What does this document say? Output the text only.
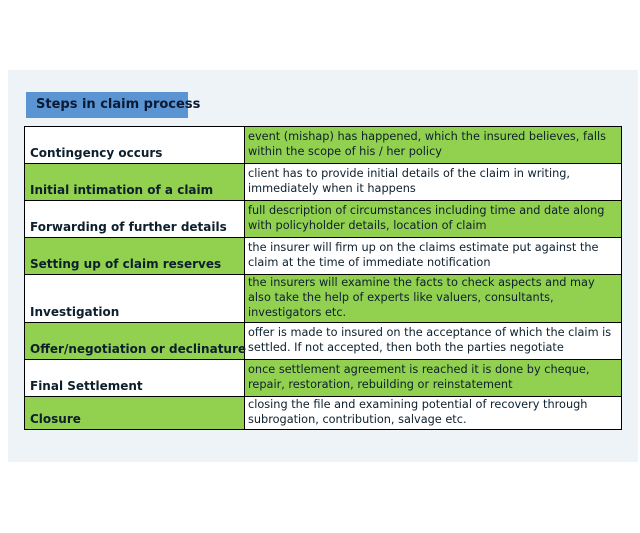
Steps in claim process
Contingency occurs	event (mishap) has happened, which the insured believes, falls within the scope of his / her policy
Initial intimation of a claim	client has to provide initial details of the claim in writing, immediately when it happens
Forwarding of further details	full description of circumstances including time and date along with policyholder details, location of claim
Setting up of claim reserves	the insurer will firm up on the claims estimate put against the claim at the time of immediate notification
Investigation	the insurers will examine the facts to check aspects and may also take the help of experts like valuers, consultants, investigators etc.
Offer/negotiation or declinature	offer is made to insured on the acceptance of which the claim is settled. If not accepted, then both the parties negotiate
Final Settlement	once settlement agreement is reached it is done by cheque, repair, restoration, rebuilding or reinstatement
Closure	closing the file and examining potential of recovery through subrogation, contribution, salvage etc.
